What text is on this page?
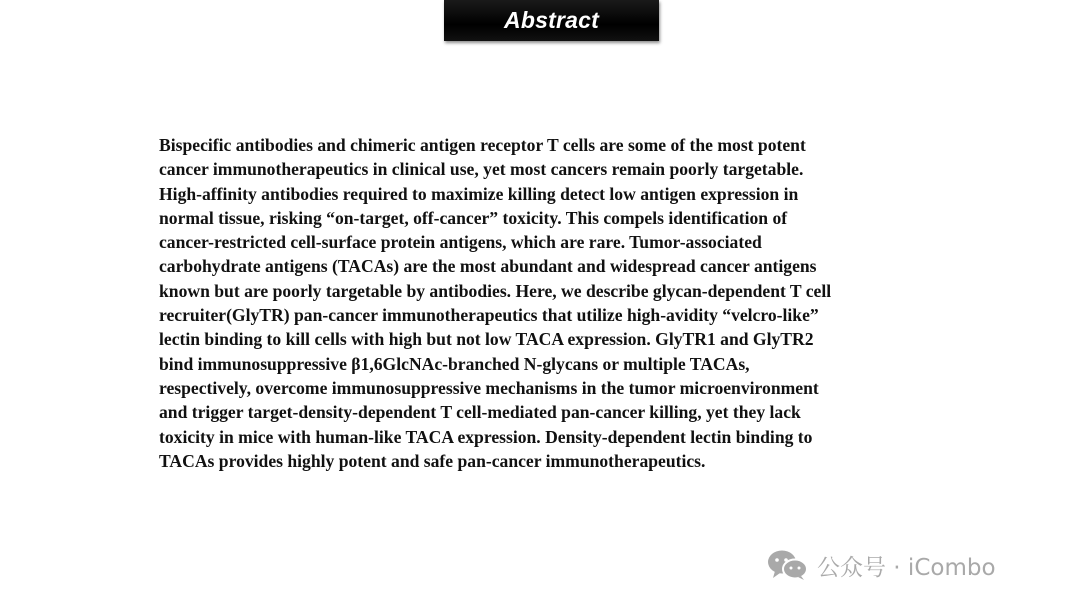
Abstract

Bispecific antibodies and chimeric antigen receptor T cells are some of the most potent
cancer immunotherapeutics in clinical use, yet most cancers remain poorly targetable.
High-affinity antibodies required to maximize killing detect low antigen expression in
normal tissue, risking “on-target, off-cancer” toxicity. This compels identification of
cancer-restricted cell-surface protein antigens, which are rare. Tumor-associated
carbohydrate antigens (TACAs) are the most abundant and widespread cancer antigens
known but are poorly targetable by antibodies. Here, we describe glycan-dependent T cell
recruiter(GlyTR) pan-cancer immunotherapeutics that utilize high-avidity “velcro-like”
lectin binding to kill cells with high but not low TACA expression. GlyTR1 and GlyTR2
bind immunosuppressive β1,6GlcNAc-branched N-glycans or multiple TACAs,
respectively, overcome immunosuppressive mechanisms in the tumor microenvironment
and trigger target-density-dependent T cell-mediated pan-cancer killing, yet they lack
toxicity in mice with human-like TACA expression. Density-dependent lectin binding to
TACAs provides highly potent and safe pan-cancer immunotherapeutics.

公众号 · iCombo
